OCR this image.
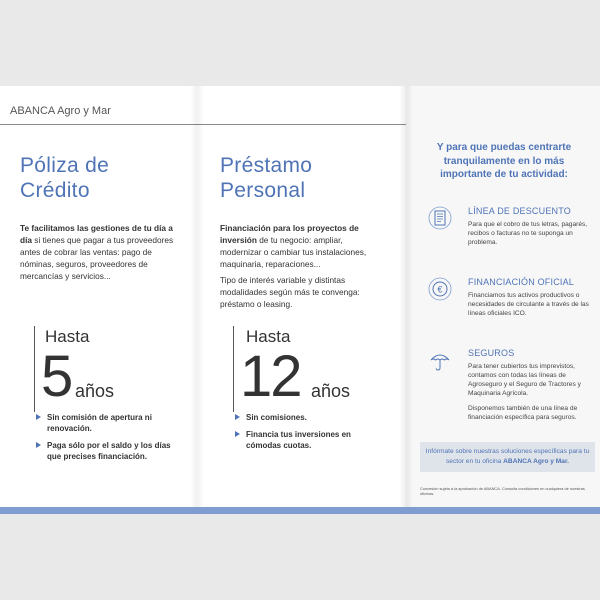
ABANCA Agro y Mar
Póliza de
Crédito

Te facilitamos las gestiones de tu día a día si tienes que pagar a tus proveedores antes de cobrar las ventas: pago de nóminas, seguros, proveedores de mercancías y servicios...

Hasta
5 años
Sin comisión de apertura ni renovación.
Paga sólo por el saldo y los días que precises financiación.
Préstamo
Personal

Financiación para los proyectos de inversión de tu negocio: ampliar, modernizar o cambiar tus instalaciones, maquinaria, reparaciones...

Tipo de interés variable y distintas modalidades según más te convenga: préstamo o leasing.

Hasta
12 años
Sin comisiones.
Financia tus inversiones en cómodas cuotas.

Y para que puedas centrarte tranquilamente en lo más importante de tu actividad:

LÍNEA DE DESCUENTO
Para que el cobro de tus letras, pagarés, recibos o facturas no te suponga un problema.
€
FINANCIACIÓN OFICIAL
Financiamos tus activos productivos o necesidades de circulante a través de las líneas oficiales ICO.
SEGUROS
Para tener cubiertos tus imprevistos, contamos con todas las líneas de Agroseguro y el Seguro de Tractores y Maquinaria Agrícola.
Disponemos también de una línea de financiación específica para seguros.
Infórmate sobre nuestras soluciones específicas para tu sector en tu oficina ABANCA Agro y Mar.
Concesión sujeta a la aprobación de ABANCA. Consulta condiciones en cualquiera de nuestras oficinas.
